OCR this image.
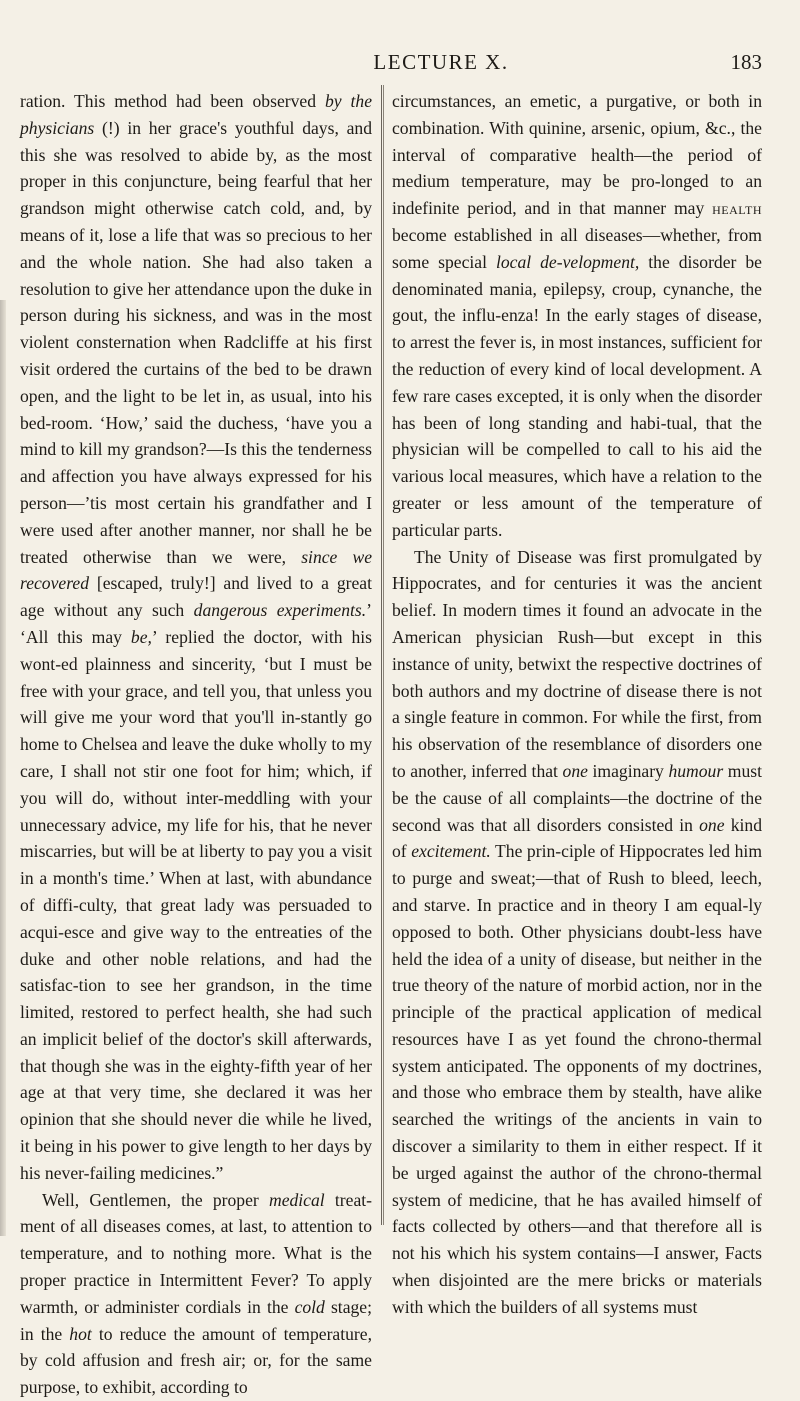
LECTURE X.	183

ration. This method had been observed by the physicians (!) in her grace's youthful days, and this she was resolved to abide by, as the most proper in this conjuncture, being fearful that her grandson might otherwise catch cold, and, by means of it, lose a life that was so precious to her and the whole nation. She had also taken a resolution to give her attendance upon the duke in person during his sickness, and was in the most violent consternation when Radcliffe at his first visit ordered the curtains of the bed to be drawn open, and the light to be let in, as usual, into his bed-room. ‘How,’ said the duchess, ‘have you a mind to kill my grandson?—Is this the tenderness and affection you have always expressed for his person—’tis most certain his grandfather and I were used after another manner, nor shall he be treated otherwise than we were, since we recovered [escaped, truly!] and lived to a great age without any such dangerous experiments.’ ‘All this may be,’ replied the doctor, with his wont-ed plainness and sincerity, ‘but I must be free with your grace, and tell you, that unless you will give me your word that you'll in-stantly go home to Chelsea and leave the duke wholly to my care, I shall not stir one foot for him; which, if you will do, without inter-meddling with your unnecessary advice, my life for his, that he never miscarries, but will be at liberty to pay you a visit in a month's time.’ When at last, with abundance of diffi-culty, that great lady was persuaded to acqui-esce and give way to the entreaties of the duke and other noble relations, and had the satisfac-tion to see her grandson, in the time limited, restored to perfect health, she had such an implicit belief of the doctor's skill afterwards, that though she was in the eighty-fifth year of her age at that very time, she declared it was her opinion that she should never die while he lived, it being in his power to give length to her days by his never-failing medicines.”

Well, Gentlemen, the proper medical treat-ment of all diseases comes, at last, to attention to temperature, and to nothing more. What is the proper practice in Intermittent Fever? To apply warmth, or administer cordials in the cold stage; in the hot to reduce the amount of temperature, by cold affusion and fresh air; or, for the same purpose, to exhibit, according to

circumstances, an emetic, a purgative, or both in combination. With quinine, arsenic, opium, &c., the interval of comparative health—the period of medium temperature, may be pro-longed to an indefinite period, and in that manner may health become established in all diseases—whether, from some special local de-velopment, the disorder be denominated mania, epilepsy, croup, cynanche, the gout, the influ-enza! In the early stages of disease, to arrest the fever is, in most instances, sufficient for the reduction of every kind of local development. A few rare cases excepted, it is only when the disorder has been of long standing and habi-tual, that the physician will be compelled to call to his aid the various local measures, which have a relation to the greater or less amount of the temperature of particular parts.

The Unity of Disease was first promulgated by Hippocrates, and for centuries it was the ancient belief. In modern times it found an advocate in the American physician Rush—but except in this instance of unity, betwixt the respective doctrines of both authors and my doctrine of disease there is not a single feature in common. For while the first, from his observation of the resemblance of disorders one to another, inferred that one imaginary humour must be the cause of all complaints—the doctrine of the second was that all disorders consisted in one kind of excitement. The prin-ciple of Hippocrates led him to purge and sweat;—that of Rush to bleed, leech, and starve. In practice and in theory I am equal-ly opposed to both. Other physicians doubt-less have held the idea of a unity of disease, but neither in the true theory of the nature of morbid action, nor in the principle of the practical application of medical resources have I as yet found the chrono-thermal system anticipated. The opponents of my doctrines, and those who embrace them by stealth, have alike searched the writings of the ancients in vain to discover a similarity to them in either respect. If it be urged against the author of the chrono-thermal system of medicine, that he has availed himself of facts collected by others—and that therefore all is not his which his system contains—I answer, Facts when disjointed are the mere bricks or materials with which the builders of all systems must
